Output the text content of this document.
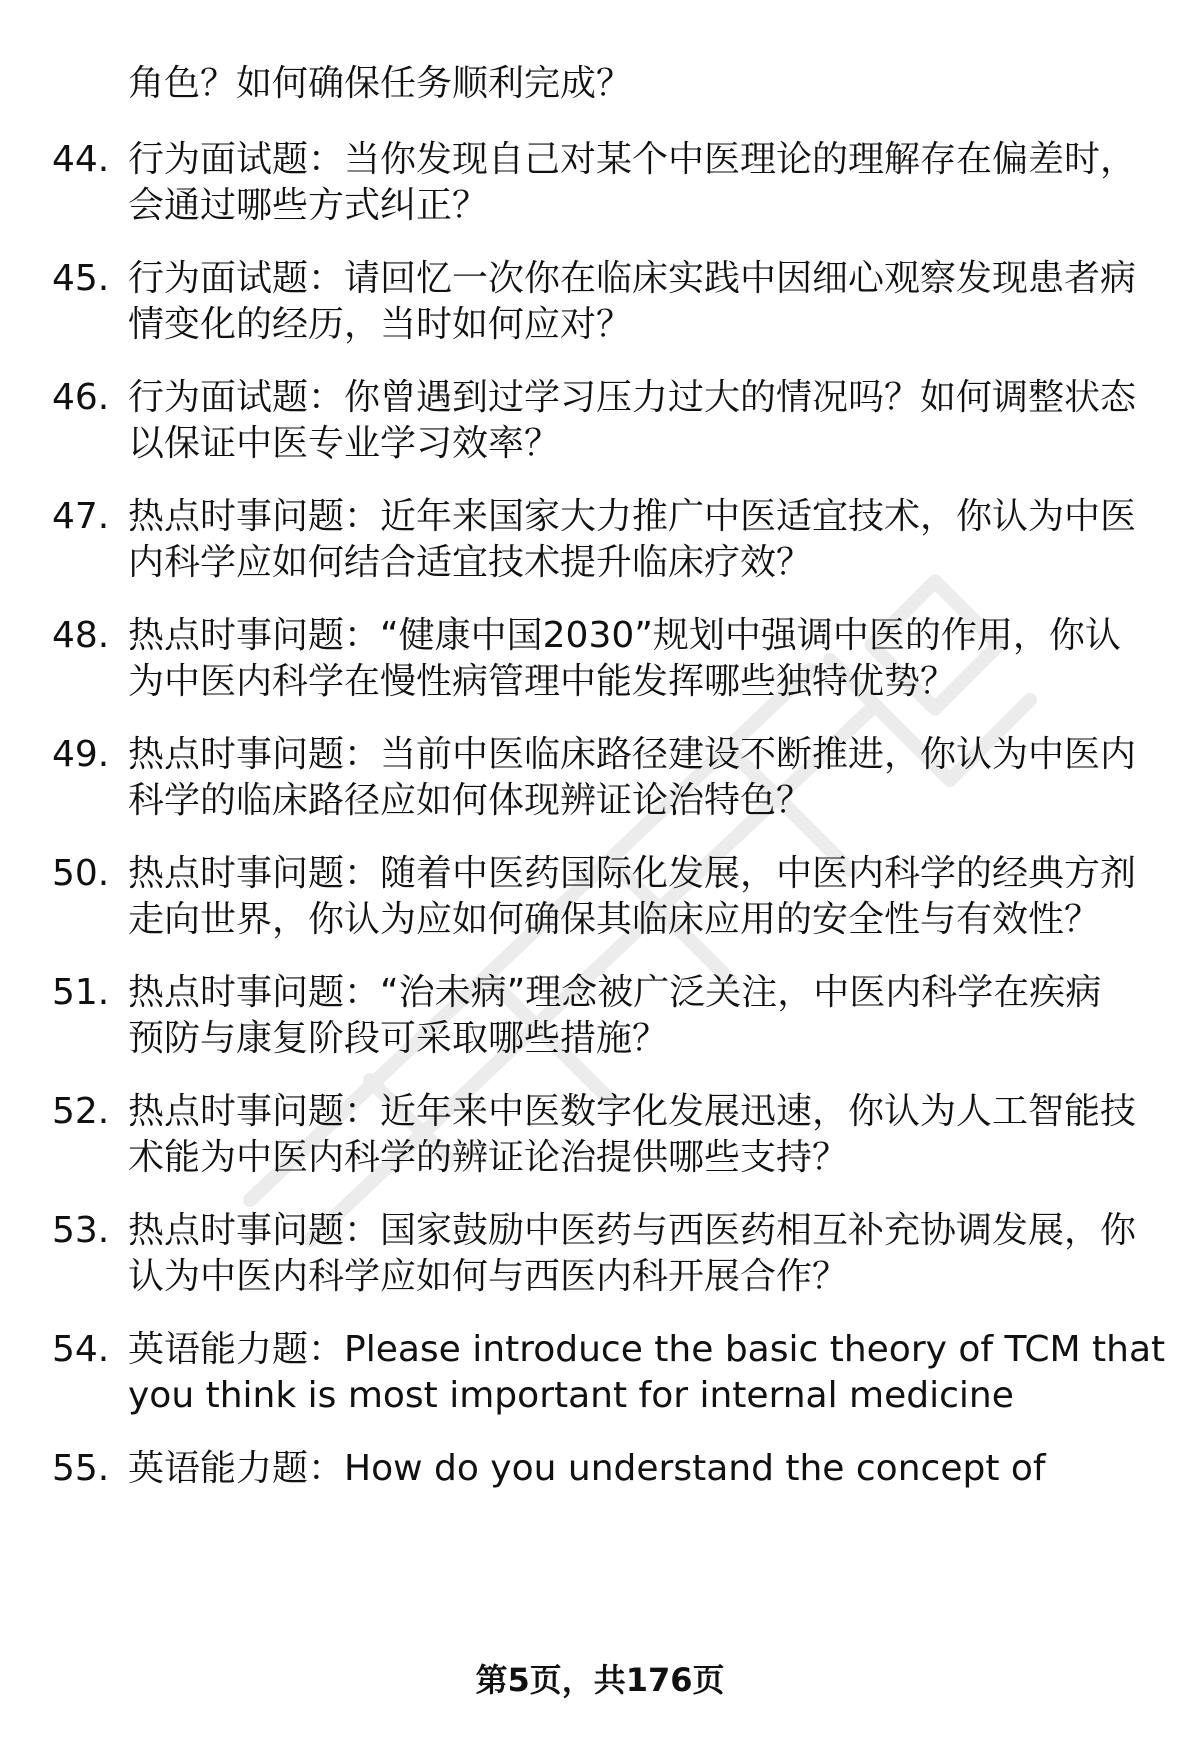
角色？如何确保任务顺利完成？
44. 行为面试题：当你发现自己对某个中医理论的理解存在偏差时，
会通过哪些方式纠正？
45. 行为面试题：请回忆一次你在临床实践中因细心观察发现患者病
情变化的经历，当时如何应对？
46. 行为面试题：你曾遇到过学习压力过大的情况吗？如何调整状态
以保证中医专业学习效率？
47. 热点时事问题：近年来国家大力推广中医适宜技术，你认为中医
内科学应如何结合适宜技术提升临床疗效？
48. 热点时事问题：“健康中国2030”规划中强调中医的作用，你认
为中医内科学在慢性病管理中能发挥哪些独特优势？
49. 热点时事问题：当前中医临床路径建设不断推进，你认为中医内
科学的临床路径应如何体现辨证论治特色？
50. 热点时事问题：随着中医药国际化发展，中医内科学的经典方剂
走向世界，你认为应如何确保其临床应用的安全性与有效性？
51. 热点时事问题：“治未病”理念被广泛关注，中医内科学在疾病
预防与康复阶段可采取哪些措施？
52. 热点时事问题：近年来中医数字化发展迅速，你认为人工智能技
术能为中医内科学的辨证论治提供哪些支持？
53. 热点时事问题：国家鼓励中医药与西医药相互补充协调发展，你
认为中医内科学应如何与西医内科开展合作？
54. 英语能力题：Please introduce the basic theory of TCM that
you think is most important for internal medicine
55. 英语能力题：How do you understand the concept of
第5页，共176页
